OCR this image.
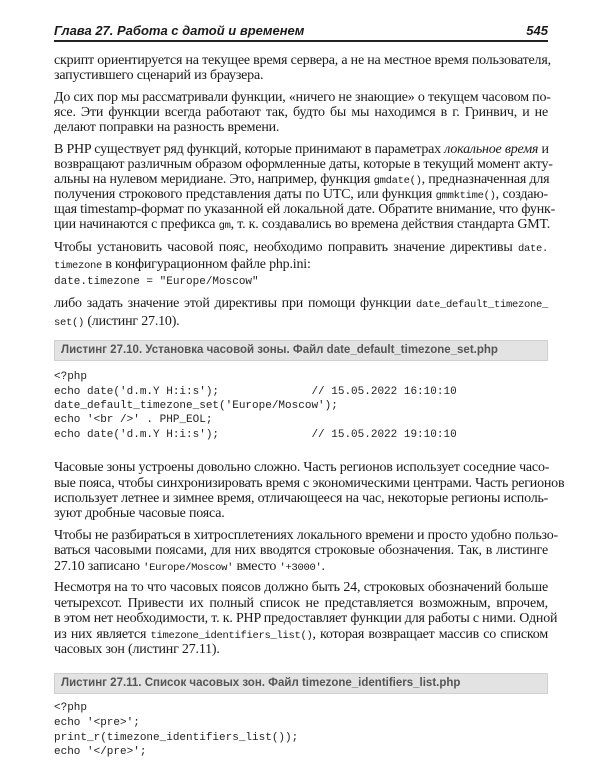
Глава 27. Работа с датой и временем	545
скрипт ориентируется на текущее время сервера, а не на местное время пользователя,
запустившего сценарий из браузера.
До сих пор мы рассматривали функции, «ничего не знающие» о текущем часовом по-
ясе. Эти функции всегда работают так, будто бы мы находимся в г. Гринвич, и не
делают поправки на разность времени.
В PHP существует ряд функций, которые принимают в параметрах локальное время и
возвращают различным образом оформленные даты, которые в текущий момент акту-
альны на нулевом меридиане. Это, например, функция gmdate(), предназначенная для
получения строкового представления даты по UTC, или функция gmmktime(), создаю-
щая timestamp-формат по указанной ей локальной дате. Обратите внимание, что функ-
ции начинаются с префикса gm, т. к. создавались во времена действия стандарта GMT.
Чтобы установить часовой пояс, необходимо поправить значение директивы date.
timezone в конфигурационном файле php.ini:
date.timezone = "Europe/Moscow"
либо задать значение этой директивы при помощи функции date_default_timezone_
set() (листинг 27.10).
Листинг 27.10. Установка часовой зоны. Файл date_default_timezone_set.php
<?php
echo date('d.m.Y H:i:s');              // 15.05.2022 16:10:10
date_default_timezone_set('Europe/Moscow');
echo '<br />' . PHP_EOL;
echo date('d.m.Y H:i:s');              // 15.05.2022 19:10:10
Часовые зоны устроены довольно сложно. Часть регионов использует соседние часо-
вые пояса, чтобы синхронизировать время с экономическими центрами. Часть регионов
использует летнее и зимнее время, отличающееся на час, некоторые регионы исполь-
зуют дробные часовые пояса.
Чтобы не разбираться в хитросплетениях локального времени и просто удобно пользо-
ваться часовыми поясами, для них вводятся строковые обозначения. Так, в листинге
27.10 записано 'Europe/Moscow' вместо '+3000'.
Несмотря на то что часовых поясов должно быть 24, строковых обозначений больше
четырехсот. Привести их полный список не представляется возможным, впрочем,
в этом нет необходимости, т. к. PHP предоставляет функции для работы с ними. Одной
из них является timezone_identifiers_list(), которая возвращает массив со списком
часовых зон (листинг 27.11).
Листинг 27.11. Список часовых зон. Файл timezone_identifiers_list.php
<?php
echo '<pre>';
print_r(timezone_identifiers_list());
echo '</pre>';
